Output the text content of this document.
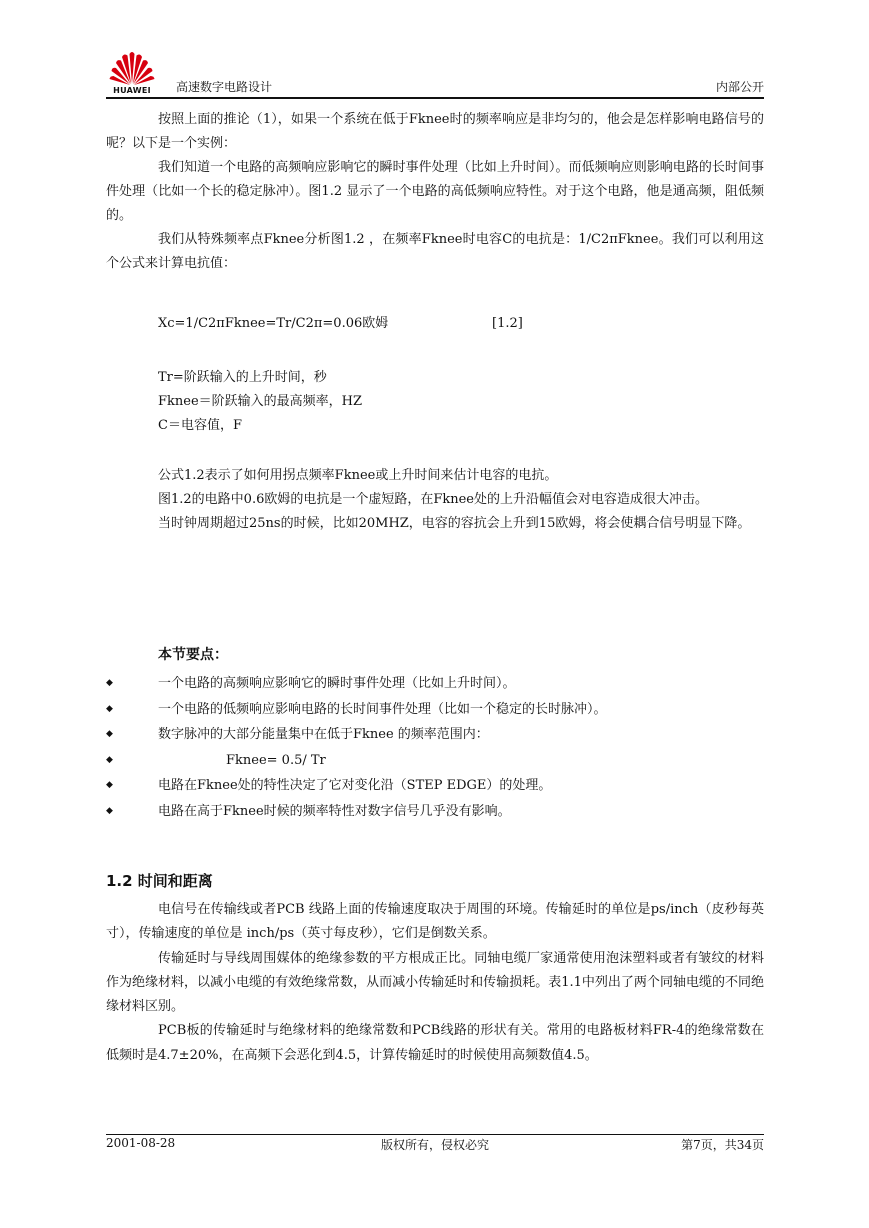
HUAWEI	高速数字电路设计	内部公开

按照上面的推论（1），如果一个系统在低于Fknee时的频率响应是非均匀的，他会是怎样影响电路信号的呢？以下是一个实例：

我们知道一个电路的高频响应影响它的瞬时事件处理（比如上升时间）。而低频响应则影响电路的长时间事件处理（比如一个长的稳定脉冲）。图1.2 显示了一个电路的高低频响应特性。对于这个电路，他是通高频，阻低频的。

我们从特殊频率点Fknee分析图1.2 ，在频率Fknee时电容C的电抗是：1/C2πFknee。我们可以利用这个公式来计算电抗值：

Xc=1/C2πFknee=Tr/C2π=0.06欧姆	[1.2]

Tr=阶跃输入的上升时间，秒

Fknee＝阶跃输入的最高频率，HZ

C＝电容值，F

公式1.2表示了如何用拐点频率Fknee或上升时间来估计电容的电抗。

图1.2的电路中0.6欧姆的电抗是一个虚短路，在Fknee处的上升沿幅值会对电容造成很大冲击。

当时钟周期超过25ns的时候，比如20MHZ，电容的容抗会上升到15欧姆，将会使耦合信号明显下降。

本节要点：
◆	一个电路的高频响应影响它的瞬时事件处理（比如上升时间）。
◆	一个电路的低频响应影响电路的长时间事件处理（比如一个稳定的长时脉冲）。
◆	数字脉冲的大部分能量集中在低于Fknee 的频率范围内：
◆	Fknee= 0.5/ Tr
◆	电路在Fknee处的特性决定了它对变化沿（STEP EDGE）的处理。
◆	电路在高于Fknee时候的频率特性对数字信号几乎没有影响。
1.2 时间和距离

电信号在传输线或者PCB 线路上面的传输速度取决于周围的环境。传输延时的单位是ps/inch（皮秒每英寸），传输速度的单位是 inch/ps（英寸每皮秒），它们是倒数关系。

传输延时与导线周围媒体的绝缘参数的平方根成正比。同轴电缆厂家通常使用泡沫塑料或者有皱纹的材料作为绝缘材料，以减小电缆的有效绝缘常数，从而减小传输延时和传输损耗。表1.1中列出了两个同轴电缆的不同绝缘材料区别。

PCB板的传输延时与绝缘材料的绝缘常数和PCB线路的形状有关。常用的电路板材料FR-4的绝缘常数在低频时是4.7±20%，在高频下会恶化到4.5，计算传输延时的时候使用高频数值4.5。

2001-08-28	版权所有，侵权必究	第7页，共34页
